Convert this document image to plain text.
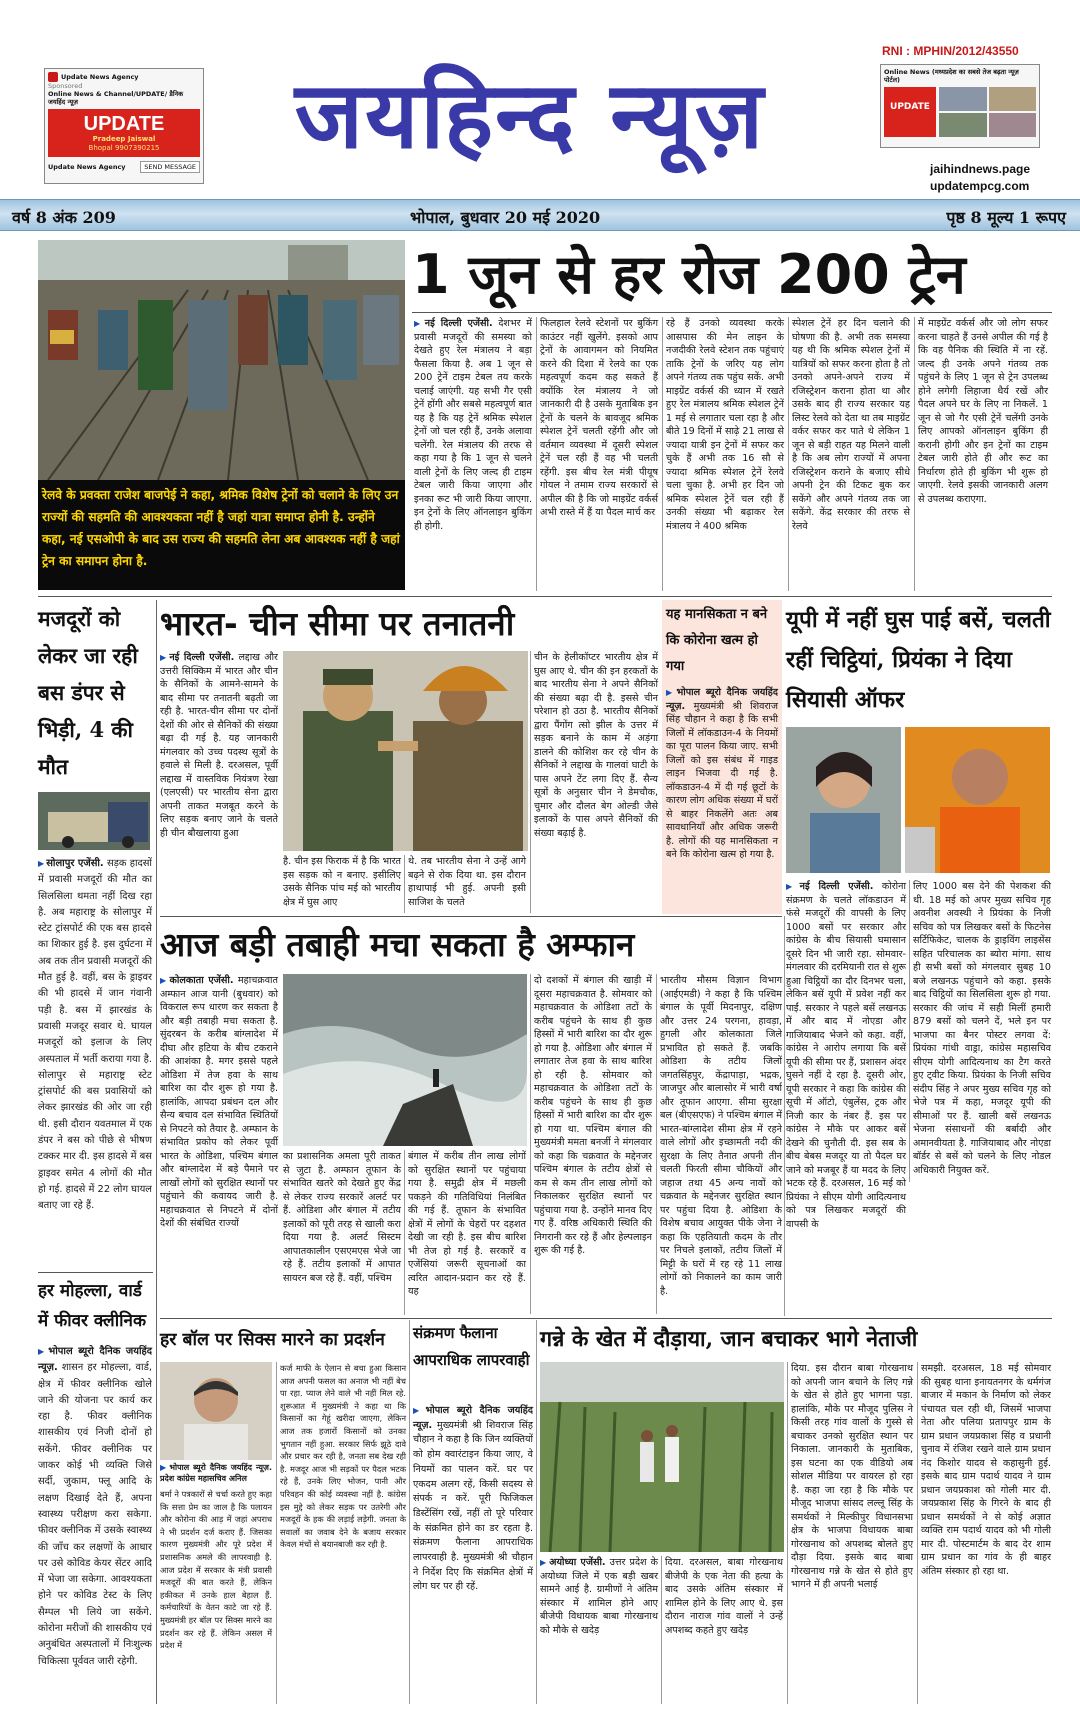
Update News Agency
Sponsored
Online News & Channel/UPDATE/ डैनिक जयहिंद न्यूज़
UPDATE
Pradeep Jaiswal
Bhopal 9907390215
Update News Agency	SEND MESSAGE	जयहिन्द न्यूज़
RNI : MPHIN/2012/43550
Online News (मध्यप्रदेश का सबसे तेज बढ़ता न्यूज़ पोर्टल)
UPDATE
jaihindnews.page
updatempcg.com
वर्ष 8 अंक 209	भोपाल, बुधवार 20 मई 2020	पृष्ठ 8 मूल्य 1 रूपए
रेलवे के प्रवक्ता राजेश बाजपेई ने कहा, श्रमिक विशेष ट्रेनों को चलाने के लिए उन राज्यों की सहमति की आवश्यकता नहीं है जहां यात्रा समाप्त होनी है. उन्होंने कहा, नई एसओपी के बाद उस राज्य की सहमति लेना अब आवश्यक नहीं है जहां ट्रेन का समापन होना है.
1 जून से हर रोज 200 ट्रेन
▶ नई दिल्ली एजेंसी. देशभर में प्रवासी मजदूरों की समस्या को देखते हुए रेल मंत्रालय ने बड़ा फैसला किया है. अब 1 जून से 200 ट्रेनें टाइम टेबल तय करके चलाई जाएंगी. यह सभी गैर एसी ट्रेनें होंगी और सबसे महत्वपूर्ण बात यह है कि यह ट्रेनें श्रमिक स्पेशल ट्रेनों जो चल रही हैं, उनके अलावा चलेंगी. रेल मंत्रालय की तरफ से कहा गया है कि 1 जून से चलने वाली ट्रेनों के लिए जल्द ही टाइम टेबल जारी किया जाएगा और इनका रूट भी जारी किया जाएगा. इन ट्रेनों के लिए ऑनलाइन बुकिंग ही होगी.
फिलहाल रेलवे स्टेशनों पर बुकिंग काउंटर नहीं खुलेंगे. इसको आप ट्रेनों के आवागमन को नियमित करने की दिशा में रेलवे का एक महत्वपूर्ण कदम कह सकते हैं क्योंकि रेल मंत्रालय ने जो जानकारी दी है उसके मुताबिक इन ट्रेनों के चलने के बावजूद श्रमिक स्पेशल ट्रेनें चलती रहेंगी और जो वर्तमान व्यवस्था में दूसरी स्पेशल ट्रेनें चल रही हैं वह भी चलती रहेंगी. इस बीच रेल मंत्री पीयूष गोयल ने तमाम राज्य सरकारों से अपील की है कि जो माइग्रेंट वर्कर्स अभी रास्ते में हैं या पैदल मार्च कर
रहे हैं उनको व्यवस्था करके आसपास की मेन लाइन के नजदीकी रेलवे स्टेशन तक पहुंचाएं ताकि ट्रेनों के जरिए यह लोग अपने गंतव्य तक पहुंच सकें. अभी माइग्रेंट वर्कर्स की ध्यान में रखते हुए रेल मंत्रालय श्रमिक स्पेशल ट्रेनें 1 मई से लगातार चला रहा है और बीते 19 दिनों में साढ़े 21 लाख से ज्यादा यात्री इन ट्रेनों में सफर कर चुके हैं अभी तक 16 सौ से ज्यादा श्रमिक स्पेशल ट्रेनें रेलवे चला चुका है. अभी हर दिन जो श्रमिक स्पेशल ट्रेनें चल रही हैं उनकी संख्या भी बढ़ाकर रेल मंत्रालय ने 400 श्रमिक
स्पेशल ट्रेनें हर दिन चलाने की घोषणा की है. अभी तक समस्या यह थी कि श्रमिक स्पेशल ट्रेनों में यात्रियों को सफर करना होता है तो उनको अपने-अपने राज्य में रजिस्ट्रेशन कराना होता था और उसके बाद ही राज्य सरकार यह लिस्ट रेलवे को देता था तब माइग्रेंट वर्कर सफर कर पाते थे लेकिन 1 जून से बड़ी राहत यह मिलने वाली है कि अब लोग राज्यों में अपना रजिस्ट्रेशन कराने के बजाए सीधे अपनी ट्रेन की टिकट बुक कर सकेंगे और अपने गंतव्य तक जा सकेंगे. केंद्र सरकार की तरफ से रेलवे
में माइग्रेंट वर्कर्स और जो लोग सफर करना चाहते हैं उनसे अपील की गई है कि वह पैनिक की स्थिति में ना रहें. जल्द ही उनके अपने गंतव्य तक पहुंचने के लिए 1 जून से ट्रेन उपलब्ध होने लगेगी लिहाजा धैर्य रखें और पैदल अपने घर के लिए ना निकलें. 1 जून से जो गैर एसी ट्रेनें चलेंगी उनके लिए आपको ऑनलाइन बुकिंग ही करानी होगी और इन ट्रेनों का टाइम टेबल जारी होते ही और रूट का निर्धारण होते ही बुकिंग भी शुरू हो जाएगी. रेलवे इसकी जानकारी अलग से उपलब्ध कराएगा.
मजदूरों को लेकर जा रही बस डंपर से भिड़ी, 4 की मौत
▶ सोलापुर एजेंसी. सड़क हादसों में प्रवासी मजदूरों की मौत का सिलसिला थमता नहीं दिख रहा है. अब महाराष्ट्र के सोलापुर में स्टेट ट्रांसपोर्ट की एक बस हादसे का शिकार हुई है. इस दुर्घटना में अब तक तीन प्रवासी मजदूरों की मौत हुई है. वहीं, बस के ड्राइवर की भी हादसे में जान गंवानी पड़ी है. बस में झारखंड के प्रवासी मजदूर सवार थे. घायल मजदूरों को इलाज के लिए अस्पताल में भर्ती कराया गया है. सोलापुर से महाराष्ट्र स्टेट ट्रांसपोर्ट की बस प्रवासियों को लेकर झारखंड की ओर जा रही थी. इसी दौरान यवतमाल में एक डंपर ने बस को पीछे से भीषण टक्कर मार दी. इस हादसे में बस ड्राइवर समेत 4 लोगों की मौत हो गई. हादसे में 22 लोग घायल बताए जा रहे हैं.
हर मोहल्ला, वार्ड में फीवर क्लीनिक
▶ भोपाल ब्यूरो दैनिक जयहिंद न्यूज़. शासन हर मोहल्ला, वार्ड, क्षेत्र में फीवर क्लीनिक खोले जाने की योजना पर कार्य कर रहा है. फीवर क्लीनिक शासकीय एवं निजी दोनों हो सकेंगे. फीवर क्लीनिक पर जाकर कोई भी व्यक्ति जिसे सर्दी, जुकाम, फ्लू आदि के लक्षण दिखाई देते हैं, अपना स्वास्थ्य परीक्षण करा सकेगा. फीवर क्लीनिक में उसके स्वास्थ्य की जाँच कर लक्षणों के आधार पर उसे कोविड केयर सेंटर आदि में भेजा जा सकेगा. आवश्यकता होने पर कोविड टेस्ट के लिए सैम्पल भी लिये जा सकेंगे. कोरोना मरीजों की शासकीय एवं अनुबंधित अस्पतालों में निःशुल्क चिकित्सा पूर्ववत जारी रहेगी.
भारत- चीन सीमा पर तनातनी
▶ नई दिल्ली एजेंसी. लद्दाख और उत्तरी सिक्किम में भारत और चीन के सैनिकों के आमने-सामने के बाद सीमा पर तनातनी बढ़ती जा रही है. भारत-चीन सीमा पर दोनों देशों की ओर से सैनिकों की संख्या बढ़ा दी गई है. यह जानकारी मंगलवार को उच्च पदस्थ सूत्रों के हवाले से मिली है. दरअसल, पूर्वी लद्दाख में वास्तविक नियंत्रण रेखा (एलएसी) पर भारतीय सेना द्वारा अपनी ताकत मजबूत करने के लिए सड़क बनाए जाने के चलते ही चीन बौखलाया हुआ
है. चीन इस फिराक में है कि भारत इस सड़क को न बनाए. इसीलिए उसके सैनिक पांच मई को भारतीय क्षेत्र में घुस आए
थे. तब भारतीय सेना ने उन्हें आगे बढ़ने से रोक दिया था. इस दौरान हाथापाई भी हुई. अपनी इसी साजिश के चलते
चीन के हेलीकॉप्टर भारतीय क्षेत्र में घुस आए थे. चीन की इन हरकतों के बाद भारतीय सेना ने अपने सैनिकों की संख्या बढ़ा दी है. इससे चीन परेशान हो उठा है. भारतीय सैनिकों द्वारा पैंगोंग त्सो झील के उत्तर में सड़क बनाने के काम में अड़ंगा डालने की कोशिश कर रहे चीन के सैनिकों ने लद्दाख के गालवां घाटी के पास अपने टेंट लगा दिए हैं. सैन्य सूत्रों के अनुसार चीन ने डेमचौक, चुमार और दौलत बेग ओल्डी जैसे इलाकों के पास अपने सैनिकों की संख्या बढ़ाई है.
यह मानसिकता न बने कि कोरोना खत्म हो गया
▶ भोपाल ब्यूरो दैनिक जयहिंद न्यूज़. मुख्यमंत्री श्री शिवराज सिंह चौहान ने कहा है कि सभी जिलों में लॉकडाउन-4 के नियमों का पूरा पालन किया जाए. सभी जिलों को इस संबंध में गाइड लाइन भिजवा दी गई है. लॉकडाउन-4 में दी गई छूटों के कारण लोग अधिक संख्या में घरों से बाहर निकलेंगे अतः अब सावधानियाँ और अधिक जरूरी है. लोगों की यह मानसिकता न बने कि कोरोना खत्म हो गया है.
यूपी में नहीं घुस पाई बसें, चलती रहीं चिट्ठियां, प्रियंका ने दिया सियासी ऑफर
▶ नई दिल्ली एजेंसी. कोरोना संक्रमण के चलते लॉकडाउन में फंसे मजदूरों की वापसी के लिए 1000 बसों पर सरकार और कांग्रेस के बीच सियासी घमासान दूसरे दिन भी जारी रहा. सोमवार-मंगलवार की दरमियानी रात से शुरू हुआ चिट्ठियों का दौर दिनभर चला, लेकिन बसें यूपी में प्रवेश नहीं कर पाईं. सरकार ने पहले बसें लखनऊ में और बाद में नोएडा और गाजियाबाद भेजने को कहा. वहीं, कांग्रेस ने आरोप लगाया कि बसें यूपी की सीमा पर हैं, प्रशासन अंदर घुसने नहीं दे रहा है. दूसरी ओर, यूपी सरकार ने कहा कि कांग्रेस की सूची में ऑटो, एंबुलेंस, ट्रक और निजी कार के नंबर हैं. इस पर कांग्रेस ने मौके पर आकर बसें देखने की चुनौती दी. इस सब के बीच बेबस मजदूर या तो पैदल घर जाने को मजबूर हैं या मदद के लिए भटक रहे हैं. दरअसल, 16 मई को प्रियंका ने सीएम योगी आदित्यनाथ को पत्र लिखकर मजदूरों की वापसी के
लिए 1000 बस देने की पेशकश की थी. 18 मई को अपर मुख्य सचिव गृह अवनीश अवस्थी ने प्रियंका के निजी सचिव को पत्र लिखकर बसों के फिटनेस सर्टिफिकेट, चालक के ड्राइविंग लाइसेंस सहित परिचालक का ब्योरा मांगा. साथ ही सभी बसों को मंगलवार सुबह 10 बजे लखनऊ पहुंचाने को कहा. इसके बाद चिट्ठियों का सिलसिला शुरू हो गया. सरकार की जांच में सही मिलीं हमारी 879 बसों को चलने दें, भले इन पर भाजपा का बैनर पोस्टर लगवा दें: प्रियंका गांधी वाड्रा, कांग्रेस महासचिव सीएम योगी आदित्यनाथ का टैग करते हुए ट्वीट किया. प्रियंका के निजी सचिव संदीप सिंह ने अपर मुख्य सचिव गृह को भेजे पत्र में कहा, मजदूर यूपी की सीमाओं पर हैं. खाली बसें लखनऊ भेजना संसाधनों की बर्बादी और अमानवीयता है. गाजियाबाद और नोएडा बॉर्डर से बसें को चलने के लिए नोडल अधिकारी नियुक्त करें.
आज बड़ी तबाही मचा सकता है अम्फान
▶ कोलकाता एजेंसी. महाचक्रवात अम्फान आज यानी (बुधवार) को विकराल रूप धारण कर सकता है और बड़ी तबाही मचा सकता है. सुंदरबन के करीब बांग्लादेश में दीघा और हटिया के बीच टकराने की आशंका है. मगर इससे पहले ओडिशा में तेज हवा के साथ बारिश का दौर शुरू हो गया है. हालांकि, आपदा प्रबंधन दल और सैन्य बचाव दल संभावित स्थितियों से निपटने को तैयार है. अम्फान के संभावित प्रकोप को लेकर पूर्वी भारत के ओडिशा, पश्चिम बंगाल और बांग्लादेश में बड़े पैमाने पर लाखों लोगों को सुरक्षित स्थानों पर पहुंचाने की कवायद जारी है. महाचक्रवात से निपटने में दोनों देशों की संबंधित राज्यों
का प्रशासनिक अमला पूरी ताकत से जुटा है. अम्फान तूफान के संभावित खतरे को देखते हुए केंद्र से लेकर राज्य सरकारें अलर्ट पर हैं. ओडिशा और बंगाल में तटीय इलाकों को पूरी तरह से खाली करा दिया गया है. अलर्ट सिस्टम आपातकालीन एसएमएस भेजे जा रहे हैं. तटीय इलाकों में आपात सायरन बज रहे हैं. वहीं, पश्चिम
बंगाल में करीब तीन लाख लोगों को सुरक्षित स्थानों पर पहुंचाया गया है. समुद्री क्षेत्र में मछली पकड़ने की गतिविधियां निलंबित की गई हैं. तूफान के संभावित क्षेत्रों में लोगों के चेहरों पर दहशत देखी जा रही है. इस बीच बारिश भी तेज हो गई है. सरकारें व एजेंसियां जरूरी सूचनाओं का त्वरित आदान-प्रदान कर रहे हैं. यह
दो दशकों में बंगाल की खाड़ी में दूसरा महाचक्रवात है. सोमवार को महाचक्रवात के ओडिशा तटों के करीब पहुंचने के साथ ही कुछ हिस्सों में भारी बारिश का दौर शुरू हो गया है. ओडिशा और बंगाल में लगातार तेज हवा के साथ बारिश हो रही है. सोमवार को महाचक्रवात के ओडिशा तटों के करीब पहुंचने के साथ ही कुछ हिस्सों में भारी बारिश का दौर शुरू हो गया था. पश्चिम बंगाल की मुख्यमंत्री ममता बनर्जी ने मंगलवार को कहा कि चक्रवात के मद्देनजर पश्चिम बंगाल के तटीय क्षेत्रों से कम से कम तीन लाख लोगों को निकालकर सुरक्षित स्थानों पर पहुंचाया गया है. उन्होंने मानव दिए गए हैं. वरिष्ठ अधिकारी स्थिति की निगरानी कर रहे हैं और हेल्पलाइन शुरू की गई है.
भारतीय मौसम विज्ञान विभाग (आईएमडी) ने कहा है कि पश्चिम बंगाल के पूर्वी मिदनापुर, दक्षिण और उत्तर 24 परगना, हावड़ा, हुगली और कोलकाता जिले प्रभावित हो सकते हैं. जबकि ओडिशा के तटीय जिलों जगतसिंहपुर, केंद्रापाड़ा, भद्रक, जाजपुर और बालासोर में भारी वर्षा और तूफान आएगा. सीमा सुरक्षा बल (बीएसएफ) ने पश्चिम बंगाल में भारत-बांग्लादेश सीमा क्षेत्र में रहने वाले लोगों और इच्छामती नदी की सुरक्षा के लिए तैनात अपनी तीन चलती फिरती सीमा चौकियों और जहाज तथा 45 अन्य नावों को चक्रवात के मद्देनजर सुरक्षित स्थान पर पहुंचा दिया है. ओडिशा के विशेष बचाव आयुक्त पीके जेना ने कहा कि एहतियाती कदम के तौर पर निचले इलाकों, तटीय जिलों में मिट्टी के घरों में रह रहे 11 लाख लोगों को निकालने का काम जारी है.
हर बॉल पर सिक्स मारने का प्रदर्शन
▶ भोपाल ब्यूरो दैनिक जयहिंद न्यूज़. प्रदेश कांग्रेस महासचिव अनिल
बर्मा ने पत्रकारों से चर्चा करते हुए कहा कि सत्ता प्रेम का जाल है कि पलायन और कोरोना की आड़ में जहां अपराध ने भी प्रदर्शन दर्ज कराए हैं. जिसका कारण मुख्यमंत्री और पूरे प्रदेश में प्रशासनिक अमले की लापरवाही है. आज प्रदेश में सरकार के मंत्री प्रवासी मजदूरों की बात करते हैं, लेकिन हकीकत में उनके हाल बेहाल हैं. कर्मचारियों के वेतन काटे जा रहे हैं. मुख्यमंत्री हर बॉल पर सिक्स मारने का प्रदर्शन कर रहे हैं. लेकिन असल में प्रदेश में
कर्ज माफी के ऐलान से बचा हुआ किसान आज अपनी फसल का अनाज भी नहीं बेच पा रहा. प्याज लेने वाले भी नहीं मिल रहे. शुरूआत में मुख्यमंत्री ने कहा था कि किसानों का गेहूं खरीदा जाएगा, लेकिन आज तक हजारों किसानों को उनका भुगतान नहीं हुआ. सरकार सिर्फ झूठे दावे और प्रचार कर रही है, जनता सब देख रही है. मजदूर आज भी सड़कों पर पैदल भटक रहे हैं, उनके लिए भोजन, पानी और परिवहन की कोई व्यवस्था नहीं है. कांग्रेस इस मुद्दे को लेकर सड़क पर उतरेगी और मजदूरों के हक की लड़ाई लड़ेगी. जनता के सवालों का जवाब देने के बजाय सरकार केवल मंचों से बयानबाजी कर रही है.
संक्रमण फैलाना आपराधिक लापरवाही
▶ भोपाल ब्यूरो दैनिक जयहिंद न्यूज़. मुख्यमंत्री श्री शिवराज सिंह चौहान ने कहा है कि जिन व्यक्तियों को होम क्वारंटाइन किया जाए, वे नियमों का पालन करें. घर पर एकदम अलग रहें, किसी सदस्य से संपर्क न करें. पूरी फिजिकल डिस्टेंसिंग रखें, नहीं तो पूरे परिवार के संक्रमित होने का डर रहता है. संक्रमण फैलाना आपराधिक लापरवाही है. मुख्यमंत्री श्री चौहान ने निर्देश दिए कि संक्रमित क्षेत्रों में लोग घर पर ही रहें.
गन्ने के खेत में दौड़ाया, जान बचाकर भागे नेताजी
▶ अयोध्या एजेंसी. उत्तर प्रदेश के अयोध्या जिले में एक बड़ी खबर सामने आई है. ग्रामीणों ने अंतिम संस्कार में शामिल होने आए बीजेपी विधायक बाबा गोरखनाथ को मौके से खदेड़
दिया. दरअसल, बाबा गोरखनाथ बीजेपी के एक नेता की हत्या के बाद उसके अंतिम संस्कार में शामिल होने के लिए आए थे. इस दौरान नाराज गांव वालों ने उन्हें अपशब्द कहते हुए खदेड़
दिया. इस दौरान बाबा गोरखनाथ को अपनी जान बचाने के लिए गन्ने के खेत से होते हुए भागना पड़ा. हालांकि, मौके पर मौजूद पुलिस ने किसी तरह गांव वालों के गुस्से से बचाकर उनको सुरक्षित स्थान पर निकाला. जानकारी के मुताबिक, इस घटना का एक वीडियो अब सोशल मीडिया पर वायरल हो रहा है. कहा जा रहा है कि मौके पर मौजूद भाजपा सांसद लल्लू सिंह के समर्थकों ने मिल्कीपुर विधानसभा क्षेत्र के भाजपा विधायक बाबा गोरखनाथ को अपशब्द बोलते हुए दौड़ा दिया. इसके बाद बाबा गोरखनाथ गन्ने के खेत से होते हुए भागने में ही अपनी भलाई
समझी. दरअसल, 18 मई सोमवार की सुबह थाना इनायतनगर के धर्मगंज बाजार में मकान के निर्माण को लेकर पंचायत चल रही थी, जिसमें भाजपा नेता और पलिया प्रतापपुर ग्राम के ग्राम प्रधान जयप्रकाश सिंह व प्रधानी चुनाव में रंजिश रखने वाले ग्राम प्रधान नंद किशोर यादव से कहासुनी हुई. इसके बाद ग्राम पदार्थ यादव ने ग्राम प्रधान जयप्रकाश को गोली मार दी. जयप्रकाश सिंह के गिरने के बाद ही प्रधान समर्थकों ने से कोई अज्ञात व्यक्ति राम पदार्थ यादव को भी गोली मार दी. पोस्टमार्टम के बाद देर शाम ग्राम प्रधान का गांव के ही बाहर अंतिम संस्कार हो रहा था.
